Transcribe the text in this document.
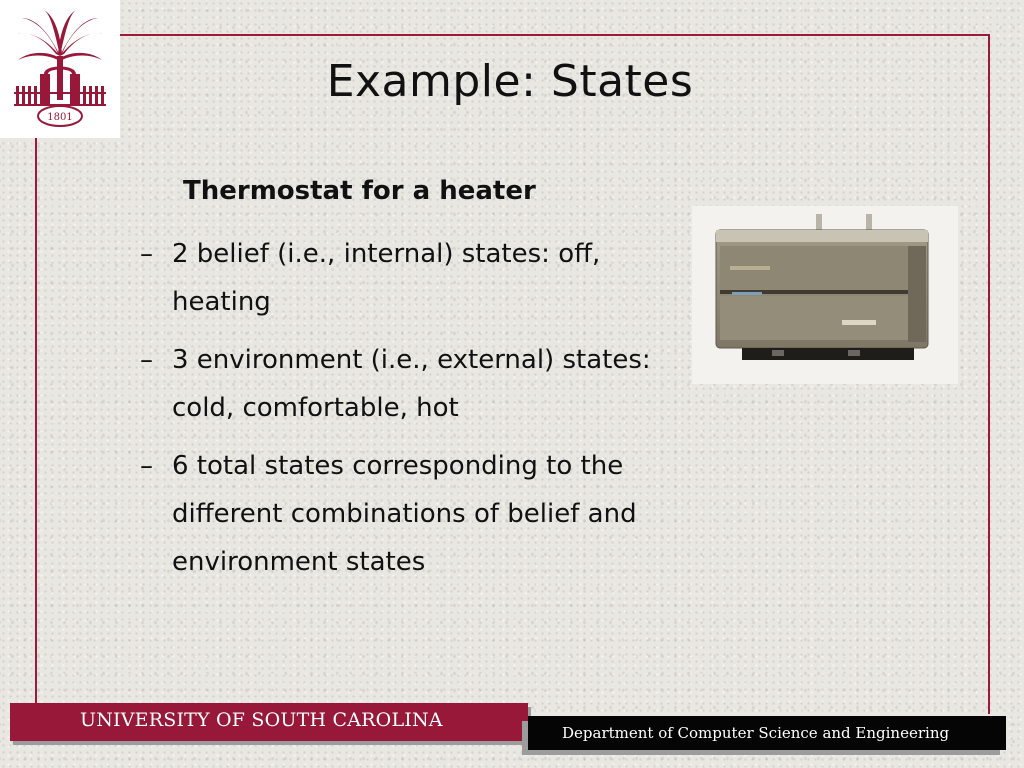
1801
Example: States
Thermostat for a heater
– 2 belief (i.e., internal) states: off, heating
– 3 environment (i.e., external) states: cold, comfortable, hot
– 6 total states corresponding to the different combinations of belief and environment states
UNIVERSITY OF SOUTH CAROLINA
Department of Computer Science and Engineering
